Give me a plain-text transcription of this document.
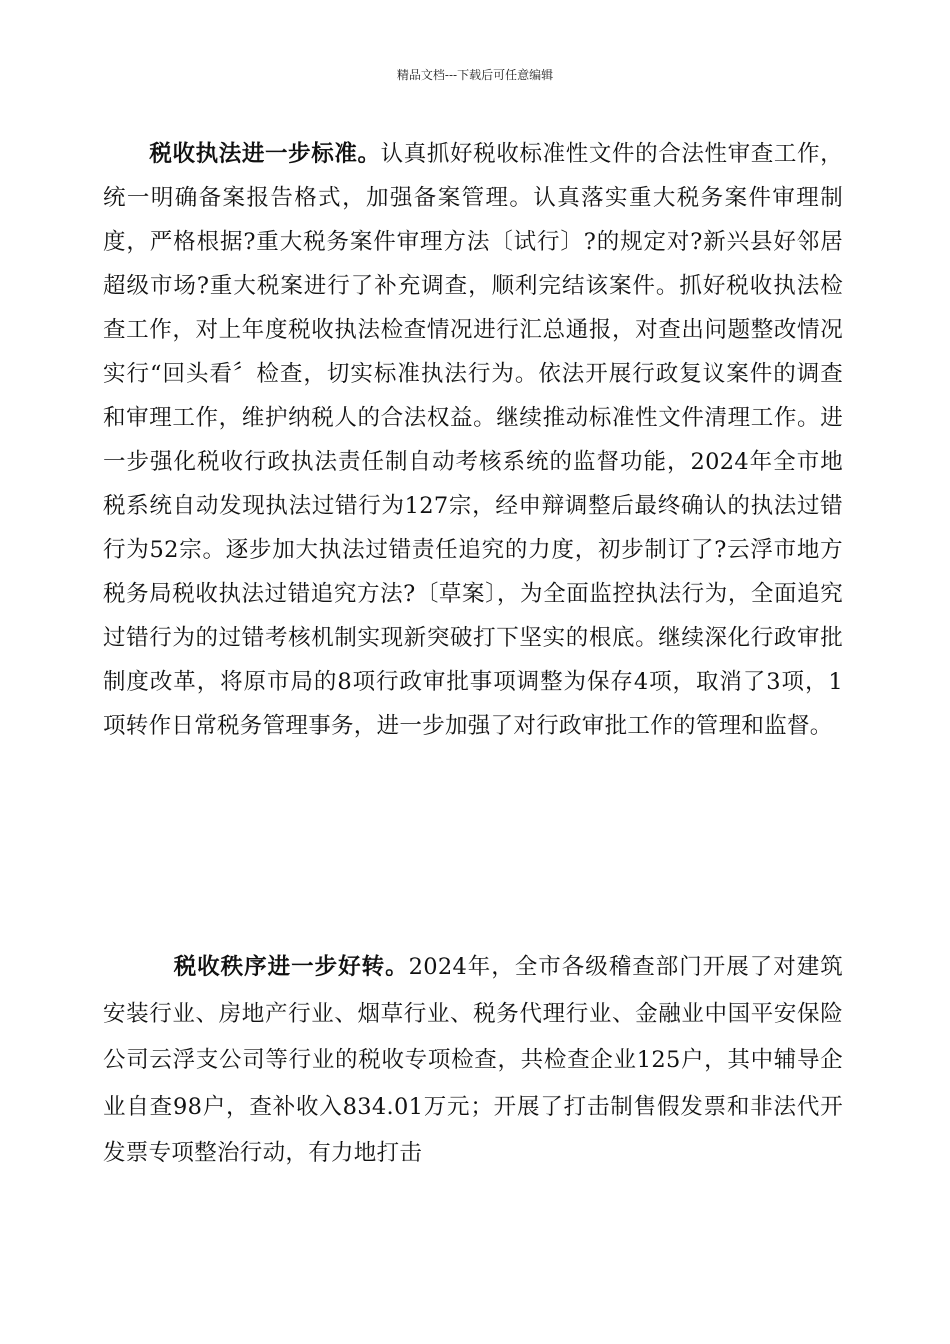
精品文档---下载后可任意编辑

税收执法进一步标准。认真抓好税收标准性文件的合法性审查工作，统一明确备案报告格式，加强备案管理。认真落实重大税务案件审理制度，严格根据?重大税务案件审理方法〔试行〕?的规定对?新兴县好邻居超级市场?重大税案进行了补充调查，顺利完结该案件。抓好税收执法检查工作，对上年度税收执法检查情况进行汇总通报，对查出问题整改情况实行“回头看〞检查，切实标准执法行为。依法开展行政复议案件的调查和审理工作，维护纳税人的合法权益。继续推动标准性文件清理工作。进一步强化税收行政执法责任制自动考核系统的监督功能，2024年全市地税系统自动发现执法过错行为127宗，经申辩调整后最终确认的执法过错行为52宗。逐步加大执法过错责任追究的力度，初步制订了?云浮市地方税务局税收执法过错追究方法?〔草案〕，为全面监控执法行为，全面追究过错行为的过错考核机制实现新突破打下坚实的根底。继续深化行政审批制度改革，将原市局的8项行政审批事项调整为保存4项，取消了3项，1项转作日常税务管理事务，进一步加强了对行政审批工作的管理和监督。

税收秩序进一步好转。2024年，全市各级稽查部门开展了对建筑安装行业、房地产行业、烟草行业、税务代理行业、金融业中国平安保险公司云浮支公司等行业的税收专项检查，共检查企业125户，其中辅导企业自查98户，查补收入834.01万元；开展了打击制售假发票和非法代开发票专项整治行动，有力地打击
